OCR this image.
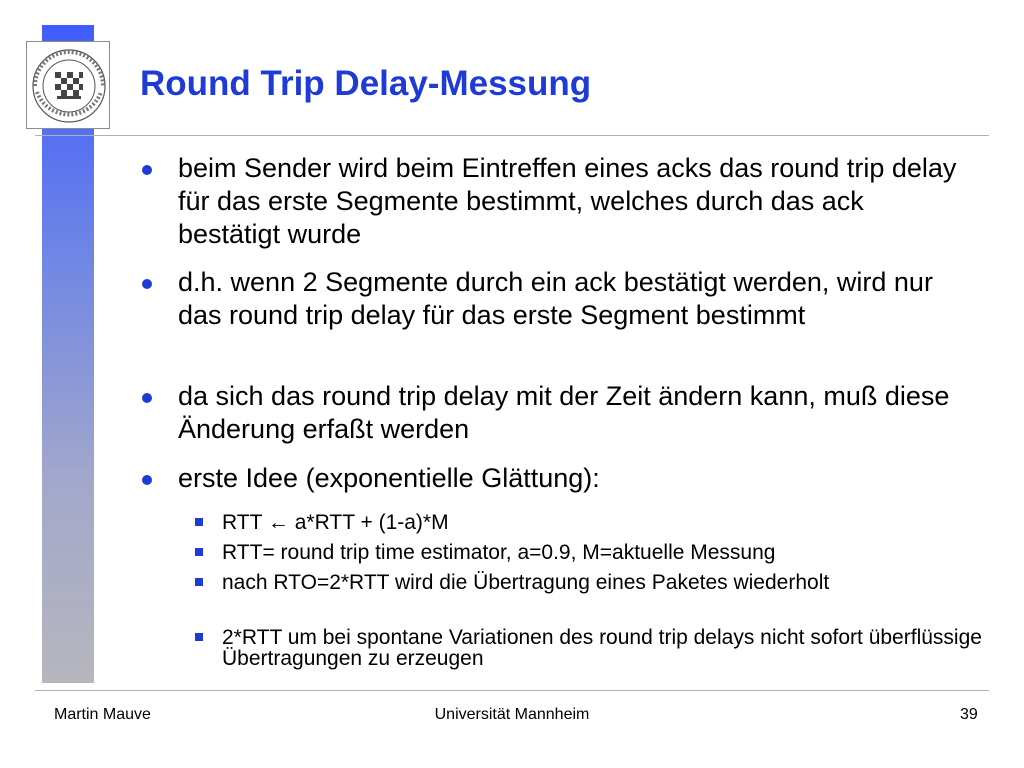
Round Trip Delay-Messung
beim Sender wird beim Eintreffen eines acks das round trip delay für das erste Segmente bestimmt, welches durch das ack bestätigt wurde
d.h. wenn 2 Segmente durch ein ack bestätigt werden, wird nur das round trip delay für das erste Segment bestimmt
da sich das round trip delay mit der Zeit ändern kann, muß diese Änderung erfaßt werden
erste Idee (exponentielle Glättung):
RTT ← a*RTT + (1-a)*M
RTT= round trip time estimator, a=0.9, M=aktuelle Messung
nach RTO=2*RTT wird die Übertragung eines Paketes wiederholt
2*RTT um bei spontane Variationen des round trip delays nicht sofort überflüssige Übertragungen zu erzeugen
Martin Mauve	Universität Mannheim	39
